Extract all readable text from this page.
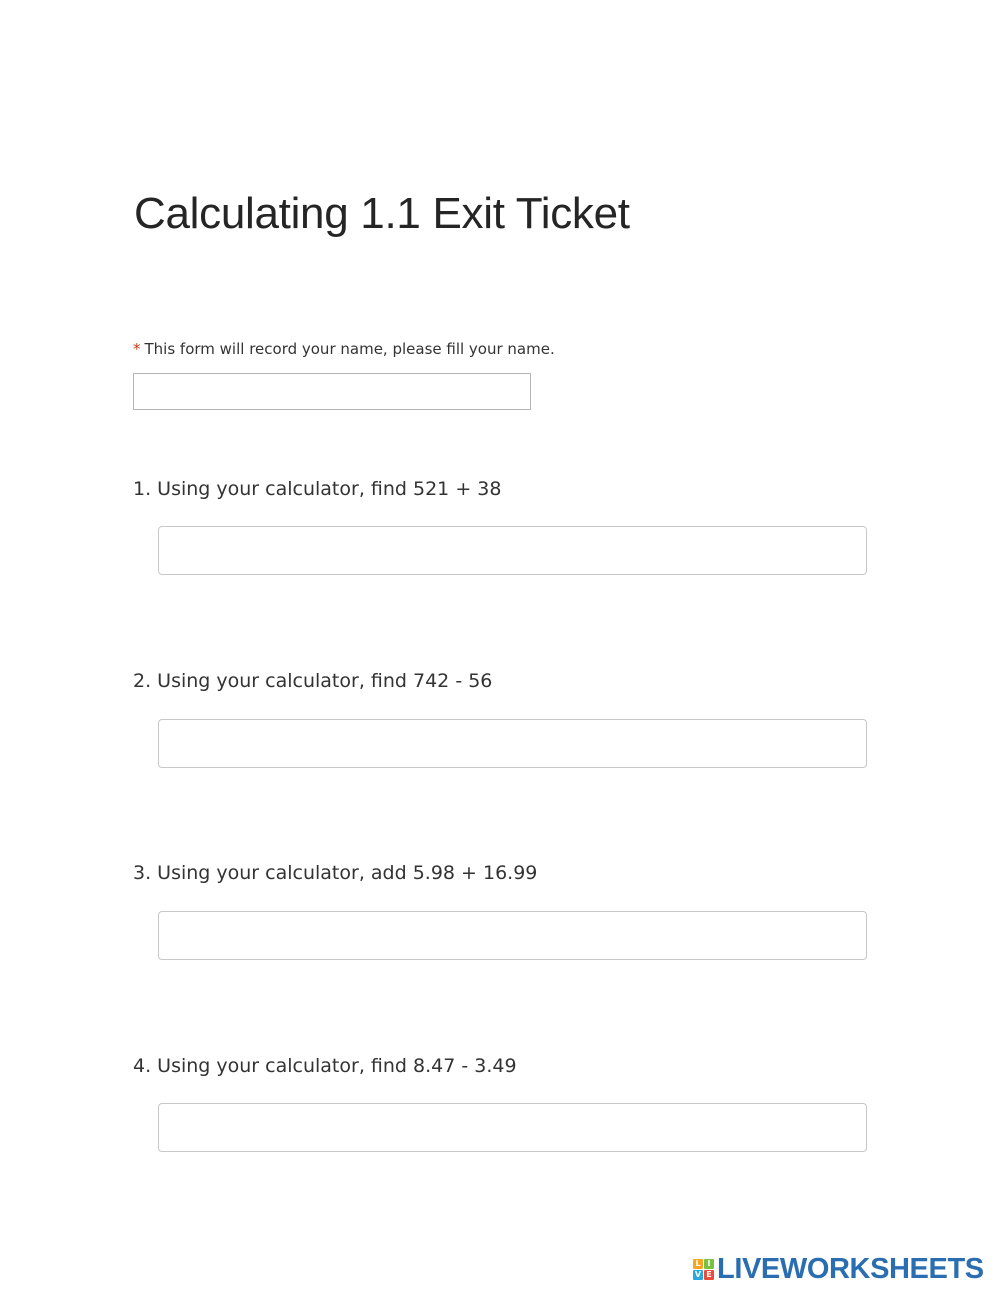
Calculating 1.1 Exit Ticket
* This form will record your name, please fill your name.
1. Using your calculator, find 521 + 38
2. Using your calculator, find 742 - 56
3. Using your calculator, add 5.98 + 16.99
4. Using your calculator, find 8.47 - 3.49
L I
V E LIVEWORKSHEETS
